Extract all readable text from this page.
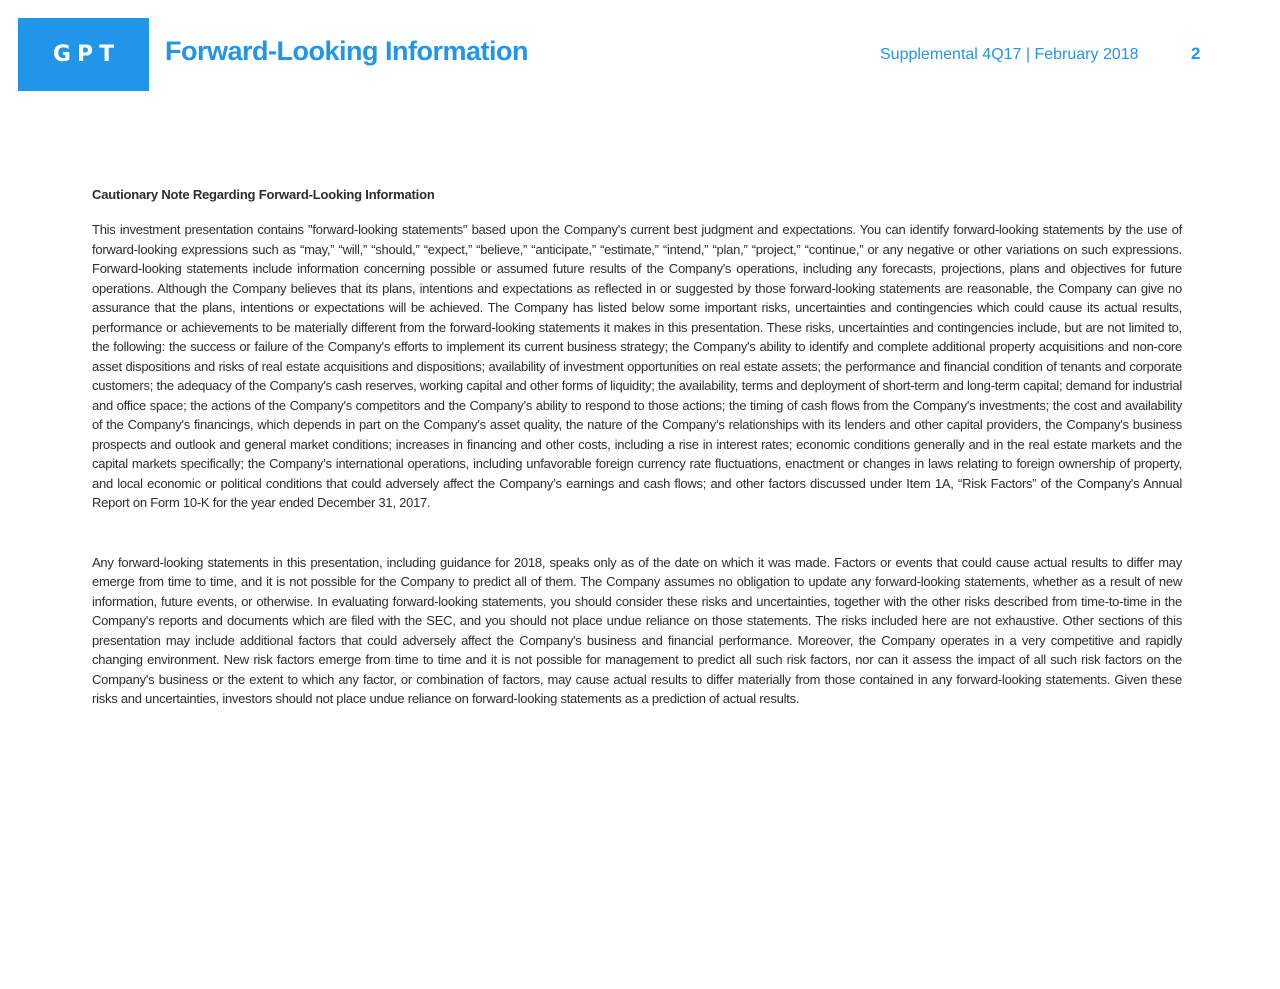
GPT Forward-Looking Information	Supplemental 4Q17 | February 2018	2
Cautionary Note Regarding Forward-Looking Information

This investment presentation contains "forward-looking statements" based upon the Company's current best judgment and expectations. You can identify forward-looking statements by the use of forward-looking expressions such as “may,” “will,” “should,” “expect,” “believe,” “anticipate,” “estimate,” “intend,” “plan,” “project,” “continue,” or any negative or other variations on such expressions. Forward-looking statements include information concerning possible or assumed future results of the Company's operations, including any forecasts, projections, plans and objectives for future operations. Although the Company believes that its plans, intentions and expectations as reflected in or suggested by those forward-looking statements are reasonable, the Company can give no assurance that the plans, intentions or expectations will be achieved. The Company has listed below some important risks, uncertainties and contingencies which could cause its actual results, performance or achievements to be materially different from the forward-looking statements it makes in this presentation. These risks, uncertainties and contingencies include, but are not limited to, the following: the success or failure of the Company's efforts to implement its current business strategy; the Company's ability to identify and complete additional property acquisitions and non-core asset dispositions and risks of real estate acquisitions and dispositions; availability of investment opportunities on real estate assets; the performance and financial condition of tenants and corporate customers; the adequacy of the Company's cash reserves, working capital and other forms of liquidity; the availability, terms and deployment of short-term and long-term capital; demand for industrial and office space; the actions of the Company's competitors and the Company’s ability to respond to those actions; the timing of cash flows from the Company's investments; the cost and availability of the Company's financings, which depends in part on the Company's asset quality, the nature of the Company’s relationships with its lenders and other capital providers, the Company's business prospects and outlook and general market conditions; increases in financing and other costs, including a rise in interest rates; economic conditions generally and in the real estate markets and the capital markets specifically; the Company’s international operations, including unfavorable foreign currency rate fluctuations, enactment or changes in laws relating to foreign ownership of property, and local economic or political conditions that could adversely affect the Company’s earnings and cash flows; and other factors discussed under Item 1A, “Risk Factors” of the Company's Annual Report on Form 10-K for the year ended December 31, 2017.

Any forward-looking statements in this presentation, including guidance for 2018, speaks only as of the date on which it was made. Factors or events that could cause actual results to differ may emerge from time to time, and it is not possible for the Company to predict all of them. The Company assumes no obligation to update any forward-looking statements, whether as a result of new information, future events, or otherwise. In evaluating forward-looking statements, you should consider these risks and uncertainties, together with the other risks described from time-to-time in the Company's reports and documents which are filed with the SEC, and you should not place undue reliance on those statements. The risks included here are not exhaustive. Other sections of this presentation may include additional factors that could adversely affect the Company's business and financial performance. Moreover, the Company operates in a very competitive and rapidly changing environment. New risk factors emerge from time to time and it is not possible for management to predict all such risk factors, nor can it assess the impact of all such risk factors on the Company's business or the extent to which any factor, or combination of factors, may cause actual results to differ materially from those contained in any forward-looking statements. Given these risks and uncertainties, investors should not place undue reliance on forward-looking statements as a prediction of actual results.
